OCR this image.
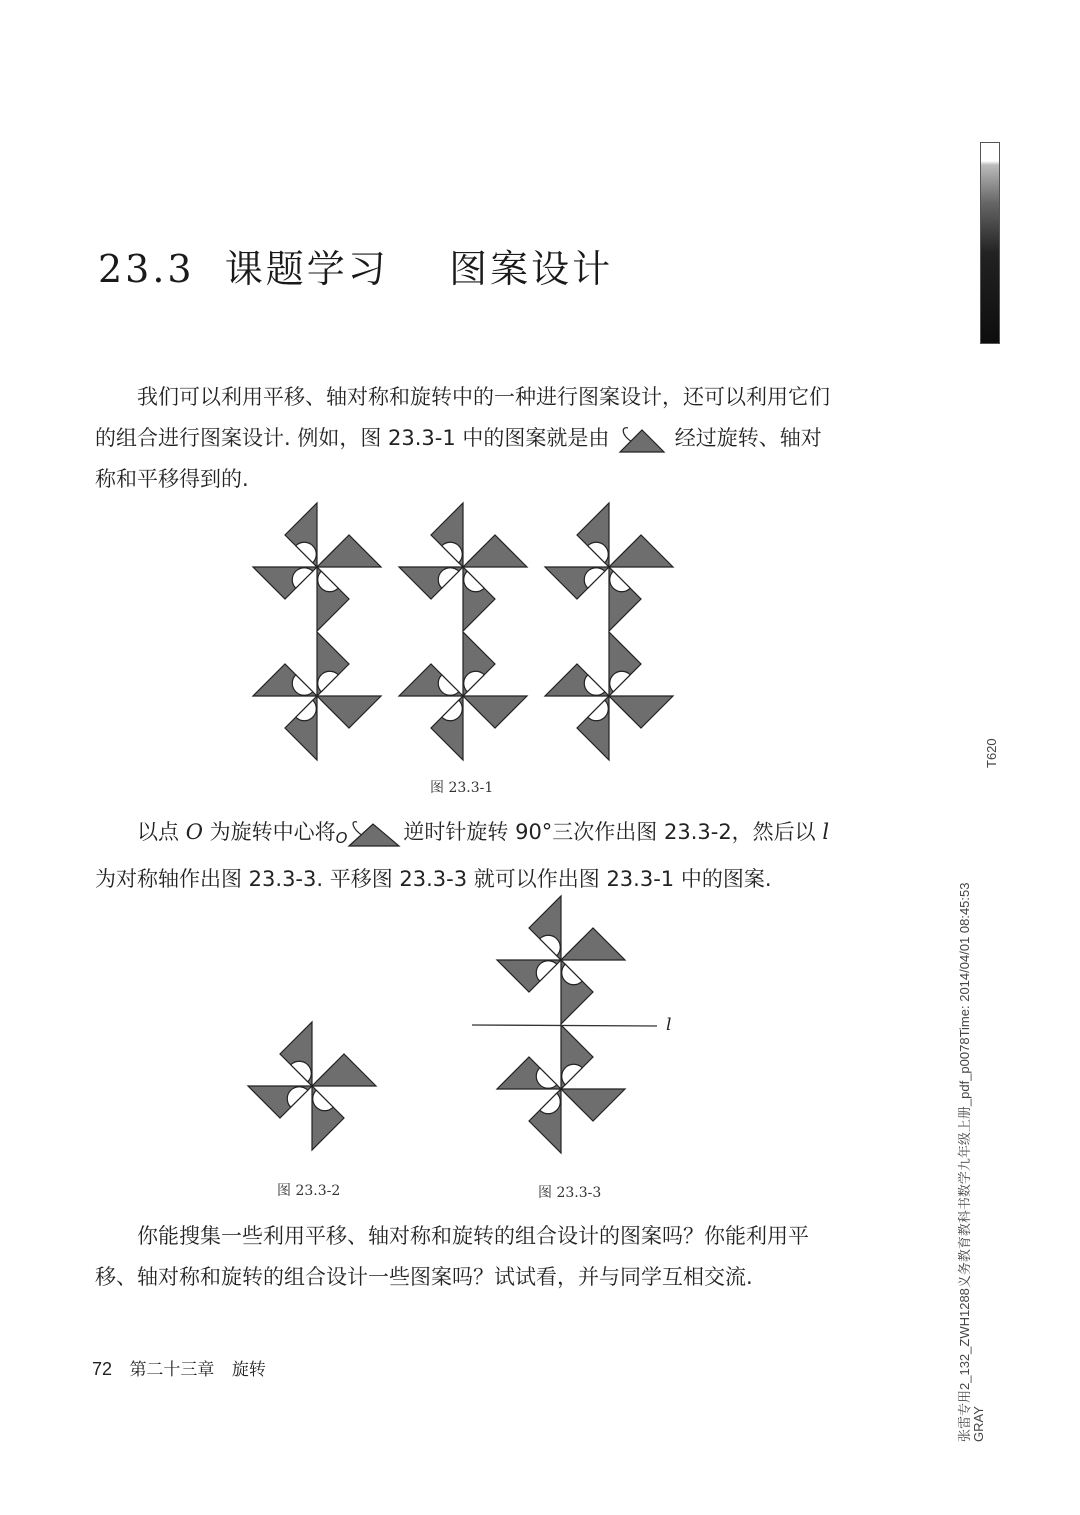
23.3  课题学习    图案设计

我们可以利用平移、轴对称和旋转中的一种进行图案设计，还可以利用它们的组合进行图案设计. 例如，图 23.3-1 中的图案就是由	经过旋转、轴对称和平移得到的.

以点 O 为旋转中心将O	逆时针旋转 90°三次作出图 23.3-2，然后以 l为对称轴作出图 23.3-3. 平移图 23.3-3 就可以作出图 23.3-1 中的图案.

你能搜集一些利用平移、轴对称和旋转的组合设计的图案吗？你能利用平移、轴对称和旋转的组合设计一些图案吗？试试看，并与同学互相交流.

l
图 23.3-1
图 23.3-2	图 23.3-3
72 第二十三章 旋转	张雷专用2_132_ZWH1288义务教育教科书数学九年级上册_pdf_p0078Time: 2014/04/01 08:45:53
GRAY
T620
